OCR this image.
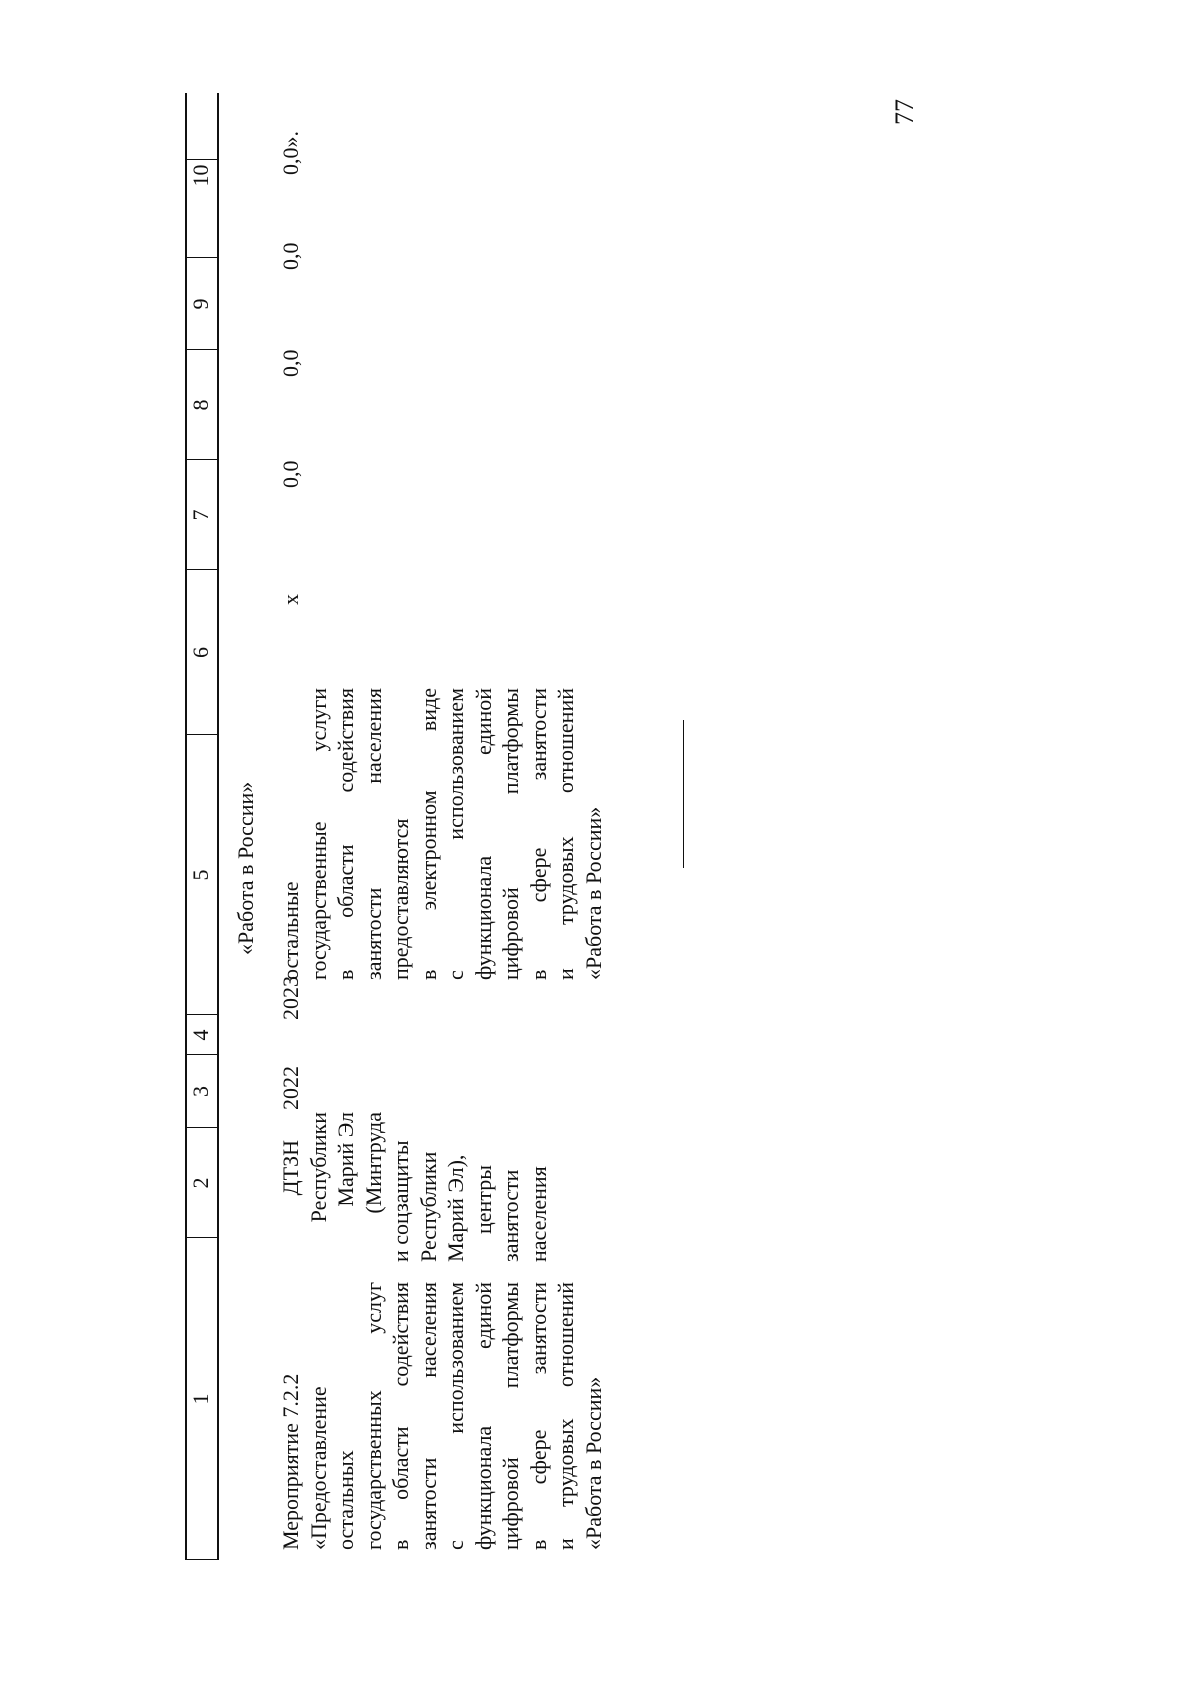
77
1
2
3
4
5
6
7
8
9
10
«Работа в России»
Мероприятие 7.2.2 «Предоставление остальных государственных услуг в области содействия занятости населения с использованием функционала единой цифровой платформы в сфере занятости и трудовых отношений «Работа в России»
ДТЗН Республики Марий Эл (Минтруда и соцзащиты Республики Марий Эл), центры занятости населения
2022
2023
остальные государственные услуги в области содействия занятости населения предоставляются в электронном виде с использованием функционала единой цифровой платформы в сфере занятости и трудовых отношений «Работа в России»
х
0,0
0,0
0,0
0,0».
